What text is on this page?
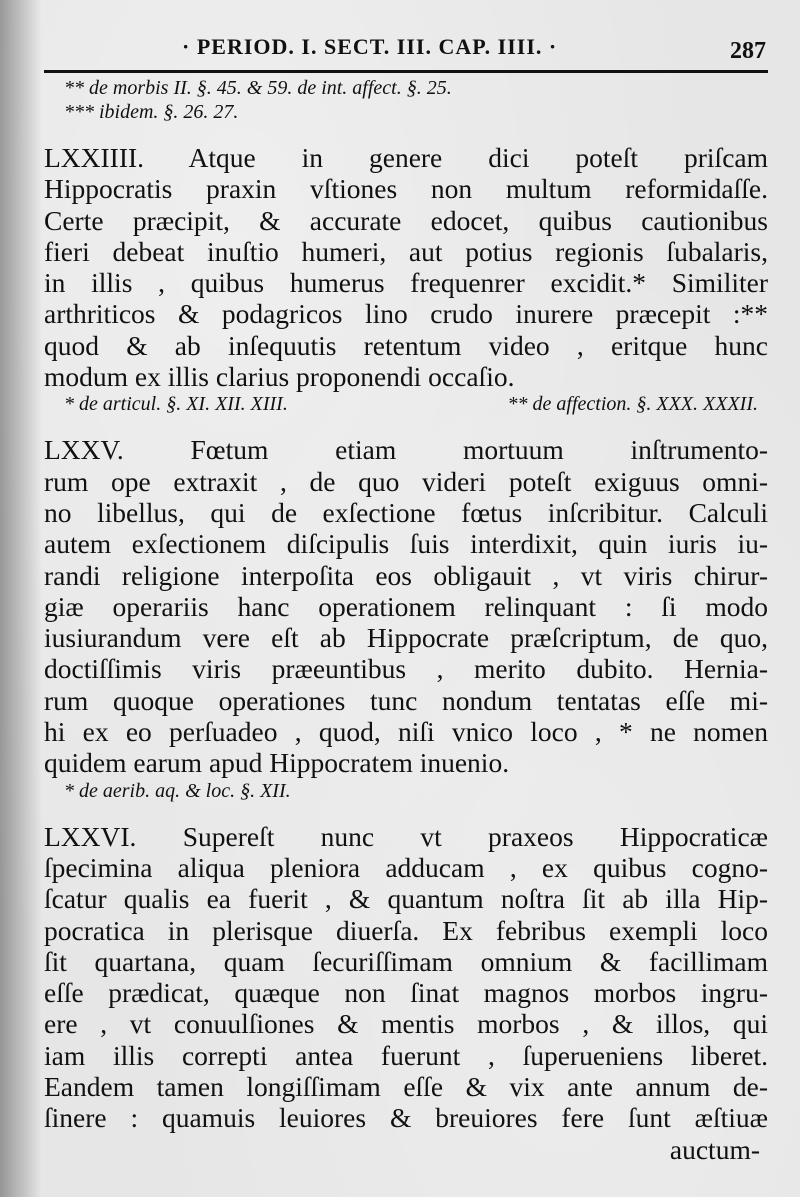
· PERIOD. I. SECT. III. CAP. IIII. ·	287
** de morbis II. §. 45. & 59. de int. affect. §. 25.
*** ibidem. §. 26. 27.
LXXIIII. Atque in genere dici poteſt priſcam
Hippocratis praxin vſtiones non multum reformidaſſe.
Certe præcipit, & accurate edocet, quibus cautionibus
fieri debeat inuſtio humeri, aut potius regionis ſubalaris,
in illis , quibus humerus frequenrer excidit.* Similiter
arthriticos & podagricos lino crudo inurere præcepit :**
quod & ab inſequutis retentum video , eritque hunc
modum ex illis clarius proponendi occaſio.
* de articul. §. XI. XII. XIII.	** de affection. §. XXX. XXXII.
LXXV. Fœtum etiam mortuum inſtrumento-
rum ope extraxit , de quo videri poteſt exiguus omni-
no libellus, qui de exſectione fœtus inſcribitur. Calculi
autem exſectionem diſcipulis ſuis interdixit, quin iuris iu-
randi religione interpoſita eos obligauit , vt viris chirur-
giæ operariis hanc operationem relinquant : ſi modo
iusiurandum vere eſt ab Hippocrate præſcriptum, de quo,
doctiſſimis viris præeuntibus , merito dubito. Hernia-
rum quoque operationes tunc nondum tentatas eſſe mi-
hi ex eo perſuadeo , quod, niſi vnico loco , * ne nomen
quidem earum apud Hippocratem inuenio.
* de aerib. aq. & loc. §. XII.
LXXVI. Supereſt nunc vt praxeos Hippocraticæ
ſpecimina aliqua pleniora adducam , ex quibus cogno-
ſcatur qualis ea fuerit , & quantum noſtra ſit ab illa Hip-
pocratica in plerisque diuerſa. Ex febribus exempli loco
ſit quartana, quam ſecuriſſimam omnium & facillimam
eſſe prædicat, quæque non ſinat magnos morbos ingru-
ere , vt conuulſiones & mentis morbos , & illos, qui
iam illis correpti antea fuerunt , ſuperueniens liberet.
Eandem tamen longiſſimam eſſe & vix ante annum de-
ſinere : quamuis leuiores & breuiores fere ſunt æſtiuæ
auctum-
